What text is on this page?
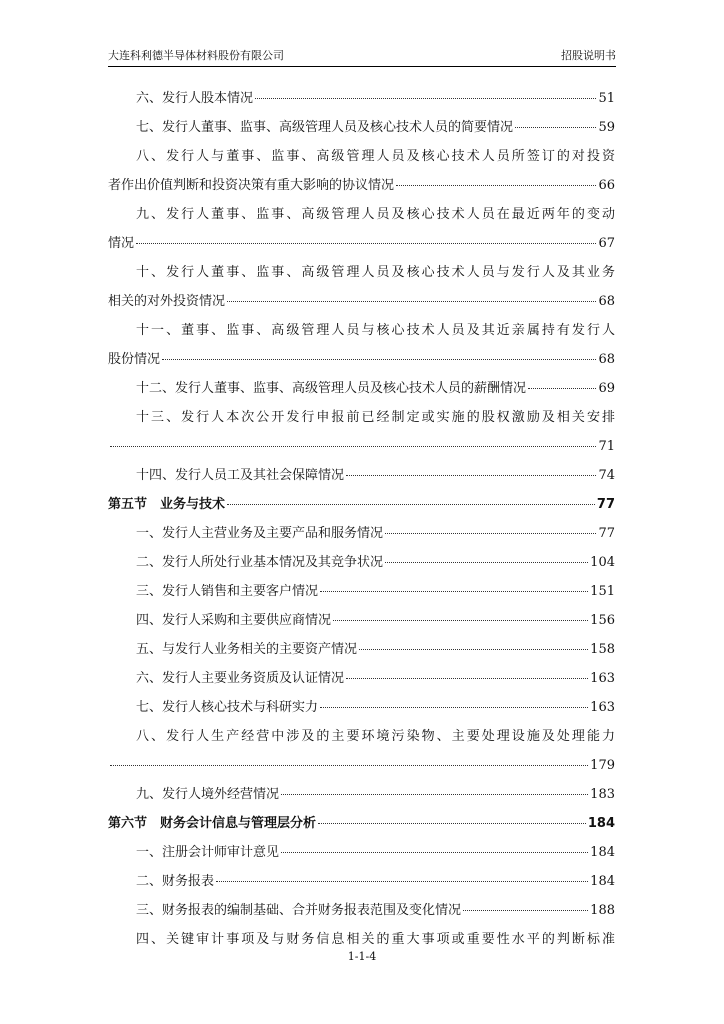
大连科利德半导体材料股份有限公司	招股说明书
六、发行人股本情况	51
七、发行人董事、监事、高级管理人员及核心技术人员的简要情况	59
八 、 发 行 人 与 董 事 、 监 事 、 高 级 管 理 人 员 及 核 心 技 术 人 员 所 签 订 的 对 投 资
者作出价值判断和投资决策有重大影响的协议情况	66
九 、 发 行 人 董 事 、 监 事 、 高 级 管 理 人 员 及 核 心 技 术 人 员 在 最 近 两 年 的 变 动
情况	67
十 、 发 行 人 董 事 、 监 事 、 高 级 管 理 人 员 及 核 心 技 术 人 员 与 发 行 人 及 其 业 务
相关的对外投资情况	68
十 一 、 董 事 、 监 事 、 高 级 管 理 人 员 与 核 心 技 术 人 员 及 其 近 亲 属 持 有 发 行 人
股份情况	68
十二、发行人董事、监事、高级管理人员及核心技术人员的薪酬情况	69
十 三 、 发 行 人 本 次 公 开 发 行 申 报 前 已 经 制 定 或 实 施 的 股 权 激 励 及 相 关 安 排
71
十四、发行人员工及其社会保障情况	74
第五节　业务与技术	77
一、发行人主营业务及主要产品和服务情况	77
二、发行人所处行业基本情况及其竞争状况	104
三、发行人销售和主要客户情况	151
四、发行人采购和主要供应商情况	156
五、与发行人业务相关的主要资产情况	158
六、发行人主要业务资质及认证情况	163
七、发行人核心技术与科研实力	163
八 、 发 行 人 生 产 经 营 中 涉 及 的 主 要 环 境 污 染 物 、 主 要 处 理 设 施 及 处 理 能 力
179
九、发行人境外经营情况	183
第六节　财务会计信息与管理层分析	184
一、注册会计师审计意见	184
二、财务报表	184
三、财务报表的编制基础、合并财务报表范围及变化情况	188
四 、 关 键 审 计 事 项 及 与 财 务 信 息 相 关 的 重 大 事 项 或 重 要 性 水 平 的 判 断 标 准
1-1-4
